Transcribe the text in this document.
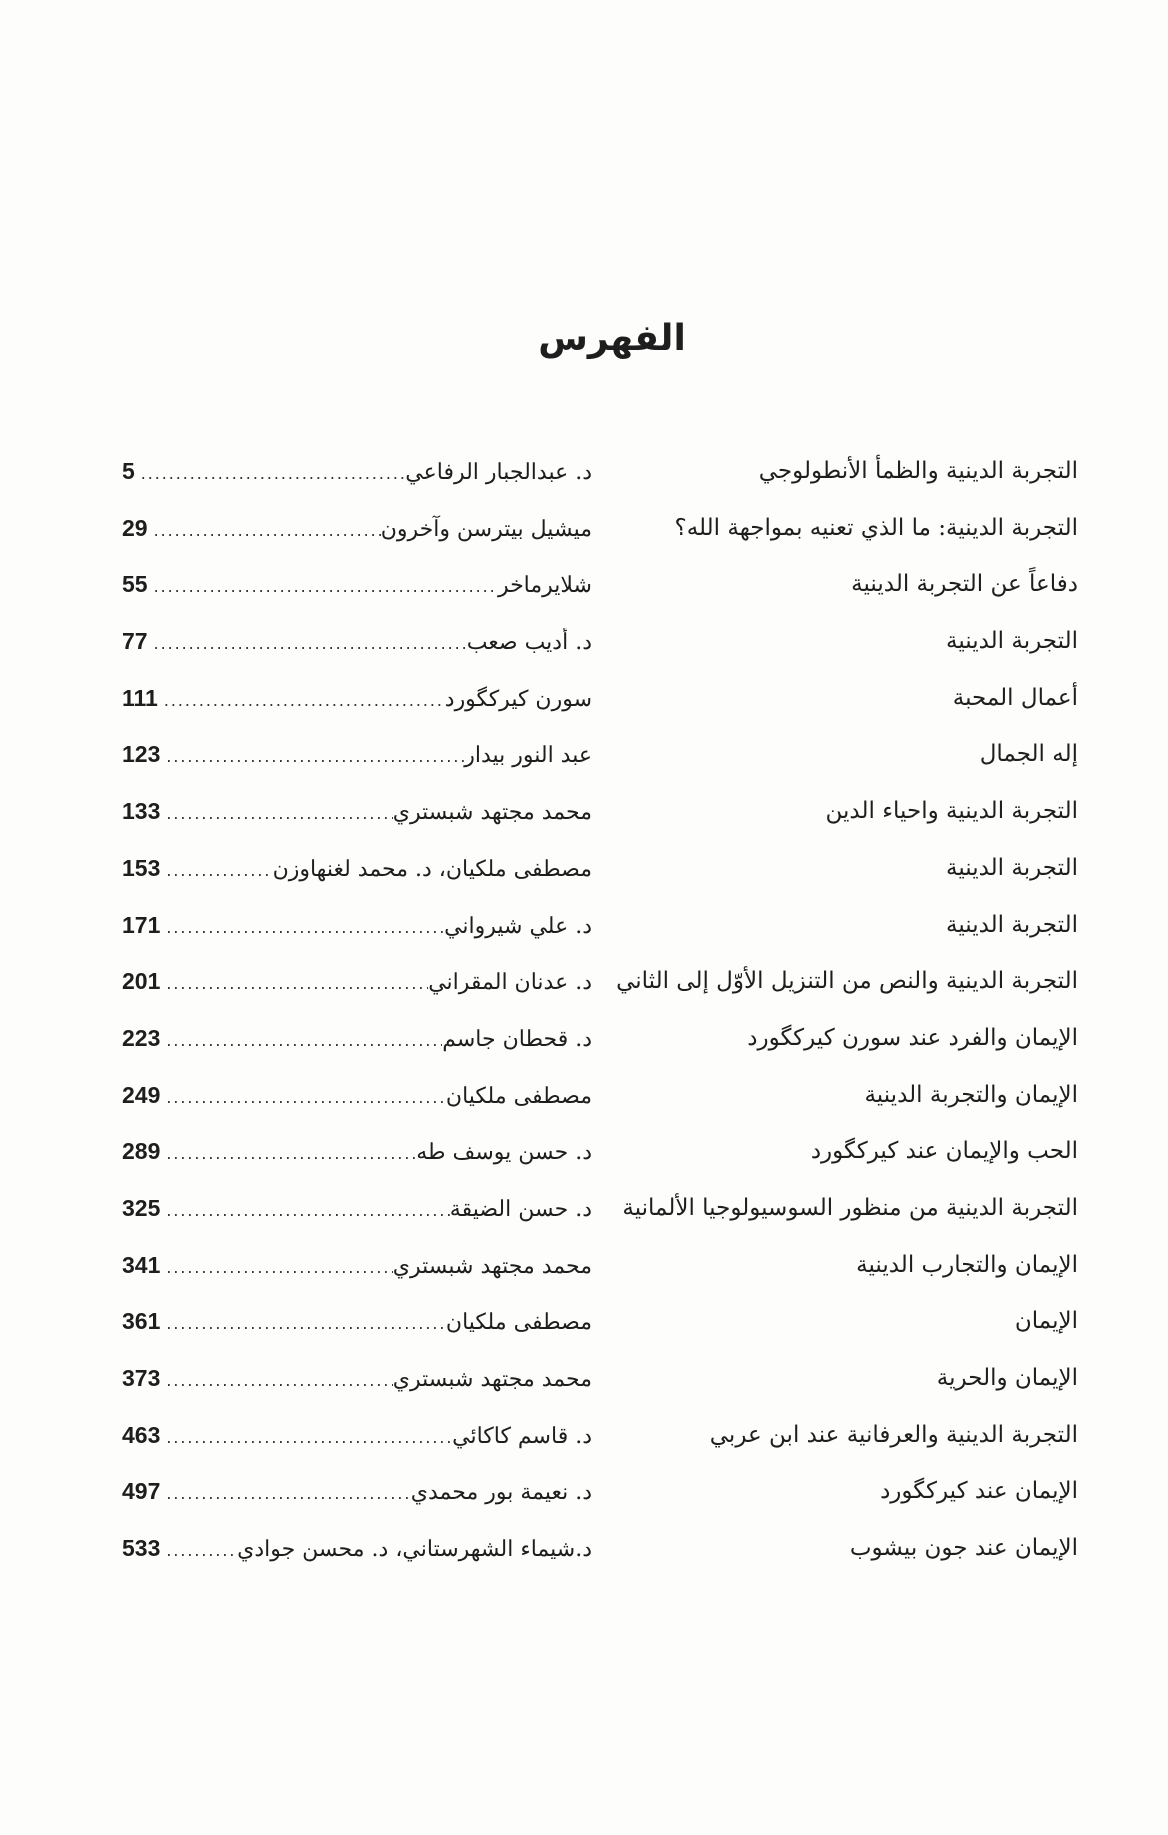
الفهرس
التجربة الدينية والظمأ الأنطولوجي
د. عبدالجبار الرفاعي
.....
5
التجربة الدينية: ما الذي تعنيه بمواجهة الله؟
ميشيل بيترسن وآخرون
.....
29
دفاعاً عن التجربة الدينية
شلايرماخر
.....
55
التجربة الدينية
د. أديب صعب
.....
77
أعمال المحبة
سورن كيركگورد
.....
111
إله الجمال
عبد النور بيدار
.....
123
التجربة الدينية واحياء الدين
محمد مجتهد شبستري
.....
133
التجربة الدينية
مصطفى ملكيان، د. محمد لغنهاوزن
.....
153
التجربة الدينية
د. علي شيرواني
.....
171
التجربة الدينية والنص من التنزيل الأوّل إلى الثاني
د. عدنان المقراني
.....
201
الإيمان والفرد عند سورن كيركگورد
د. قحطان جاسم
.....
223
الإيمان والتجربة الدينية
مصطفى ملكيان
.....
249
الحب والإيمان عند كيركگورد
د. حسن يوسف طه
.....
289
التجربة الدينية من منظور السوسيولوجيا الألمانية
د. حسن الضيقة
.....
325
الإيمان والتجارب الدينية
محمد مجتهد شبستري
.....
341
الإيمان
مصطفى ملكيان
.....
361
الإيمان والحرية
محمد مجتهد شبستري
.....
373
التجربة الدينية والعرفانية عند ابن عربي
د. قاسم كاكائي
.....
463
الإيمان عند كيركگورد
د. نعيمة بور محمدي
.....
497
الإيمان عند جون بيشوب
د.شيماء الشهرستاني، د. محسن جوادي
.....
533
